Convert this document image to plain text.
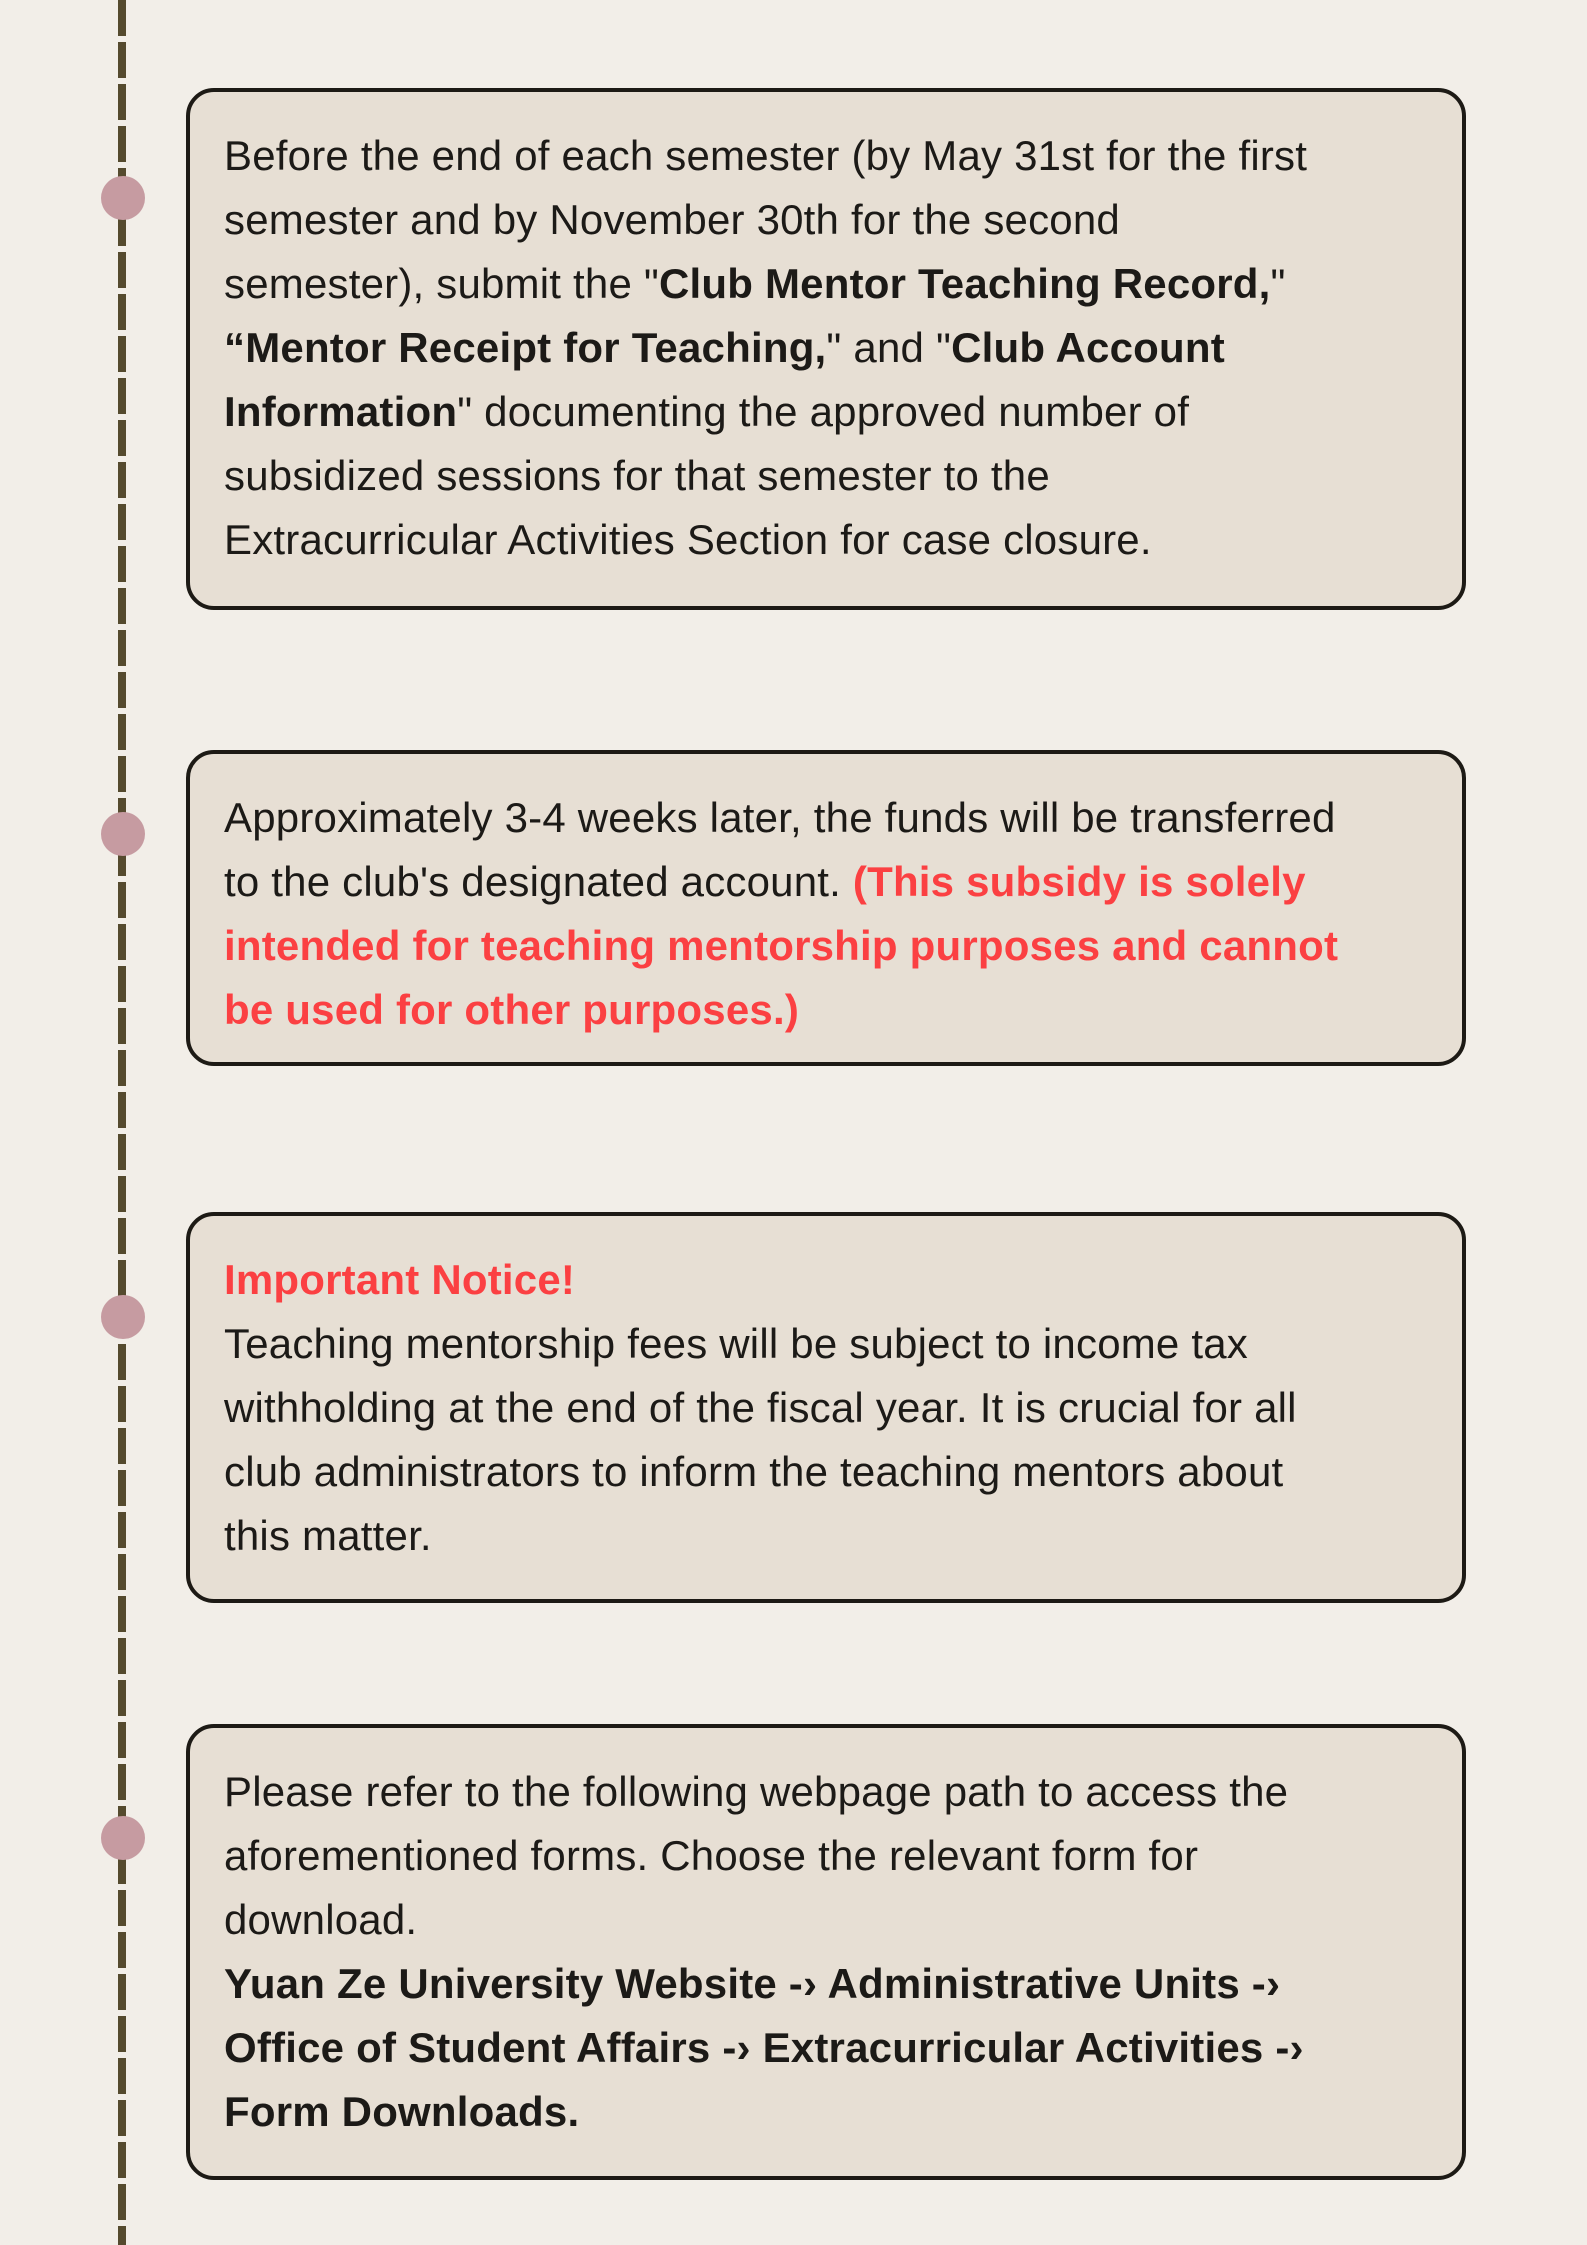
Before the end of each semester (by May 31st for the first
semester and by November 30th for the second
semester), submit the "Club Mentor Teaching Record,"
“Mentor Receipt for Teaching," and "Club Account
Information" documenting the approved number of
subsidized sessions for that semester to the
Extracurricular Activities Section for case closure.
Approximately 3-4 weeks later, the funds will be transferred
to the club's designated account. (This subsidy is solely
intended for teaching mentorship purposes and cannot
be used for other purposes.)
Important Notice!
Teaching mentorship fees will be subject to income tax
withholding at the end of the fiscal year. It is crucial for all
club administrators to inform the teaching mentors about
this matter.
Please refer to the following webpage path to access the
aforementioned forms. Choose the relevant form for
download.
Yuan Ze University Website -› Administrative Units -›
Office of Student Affairs -› Extracurricular Activities -›
Form Downloads.
